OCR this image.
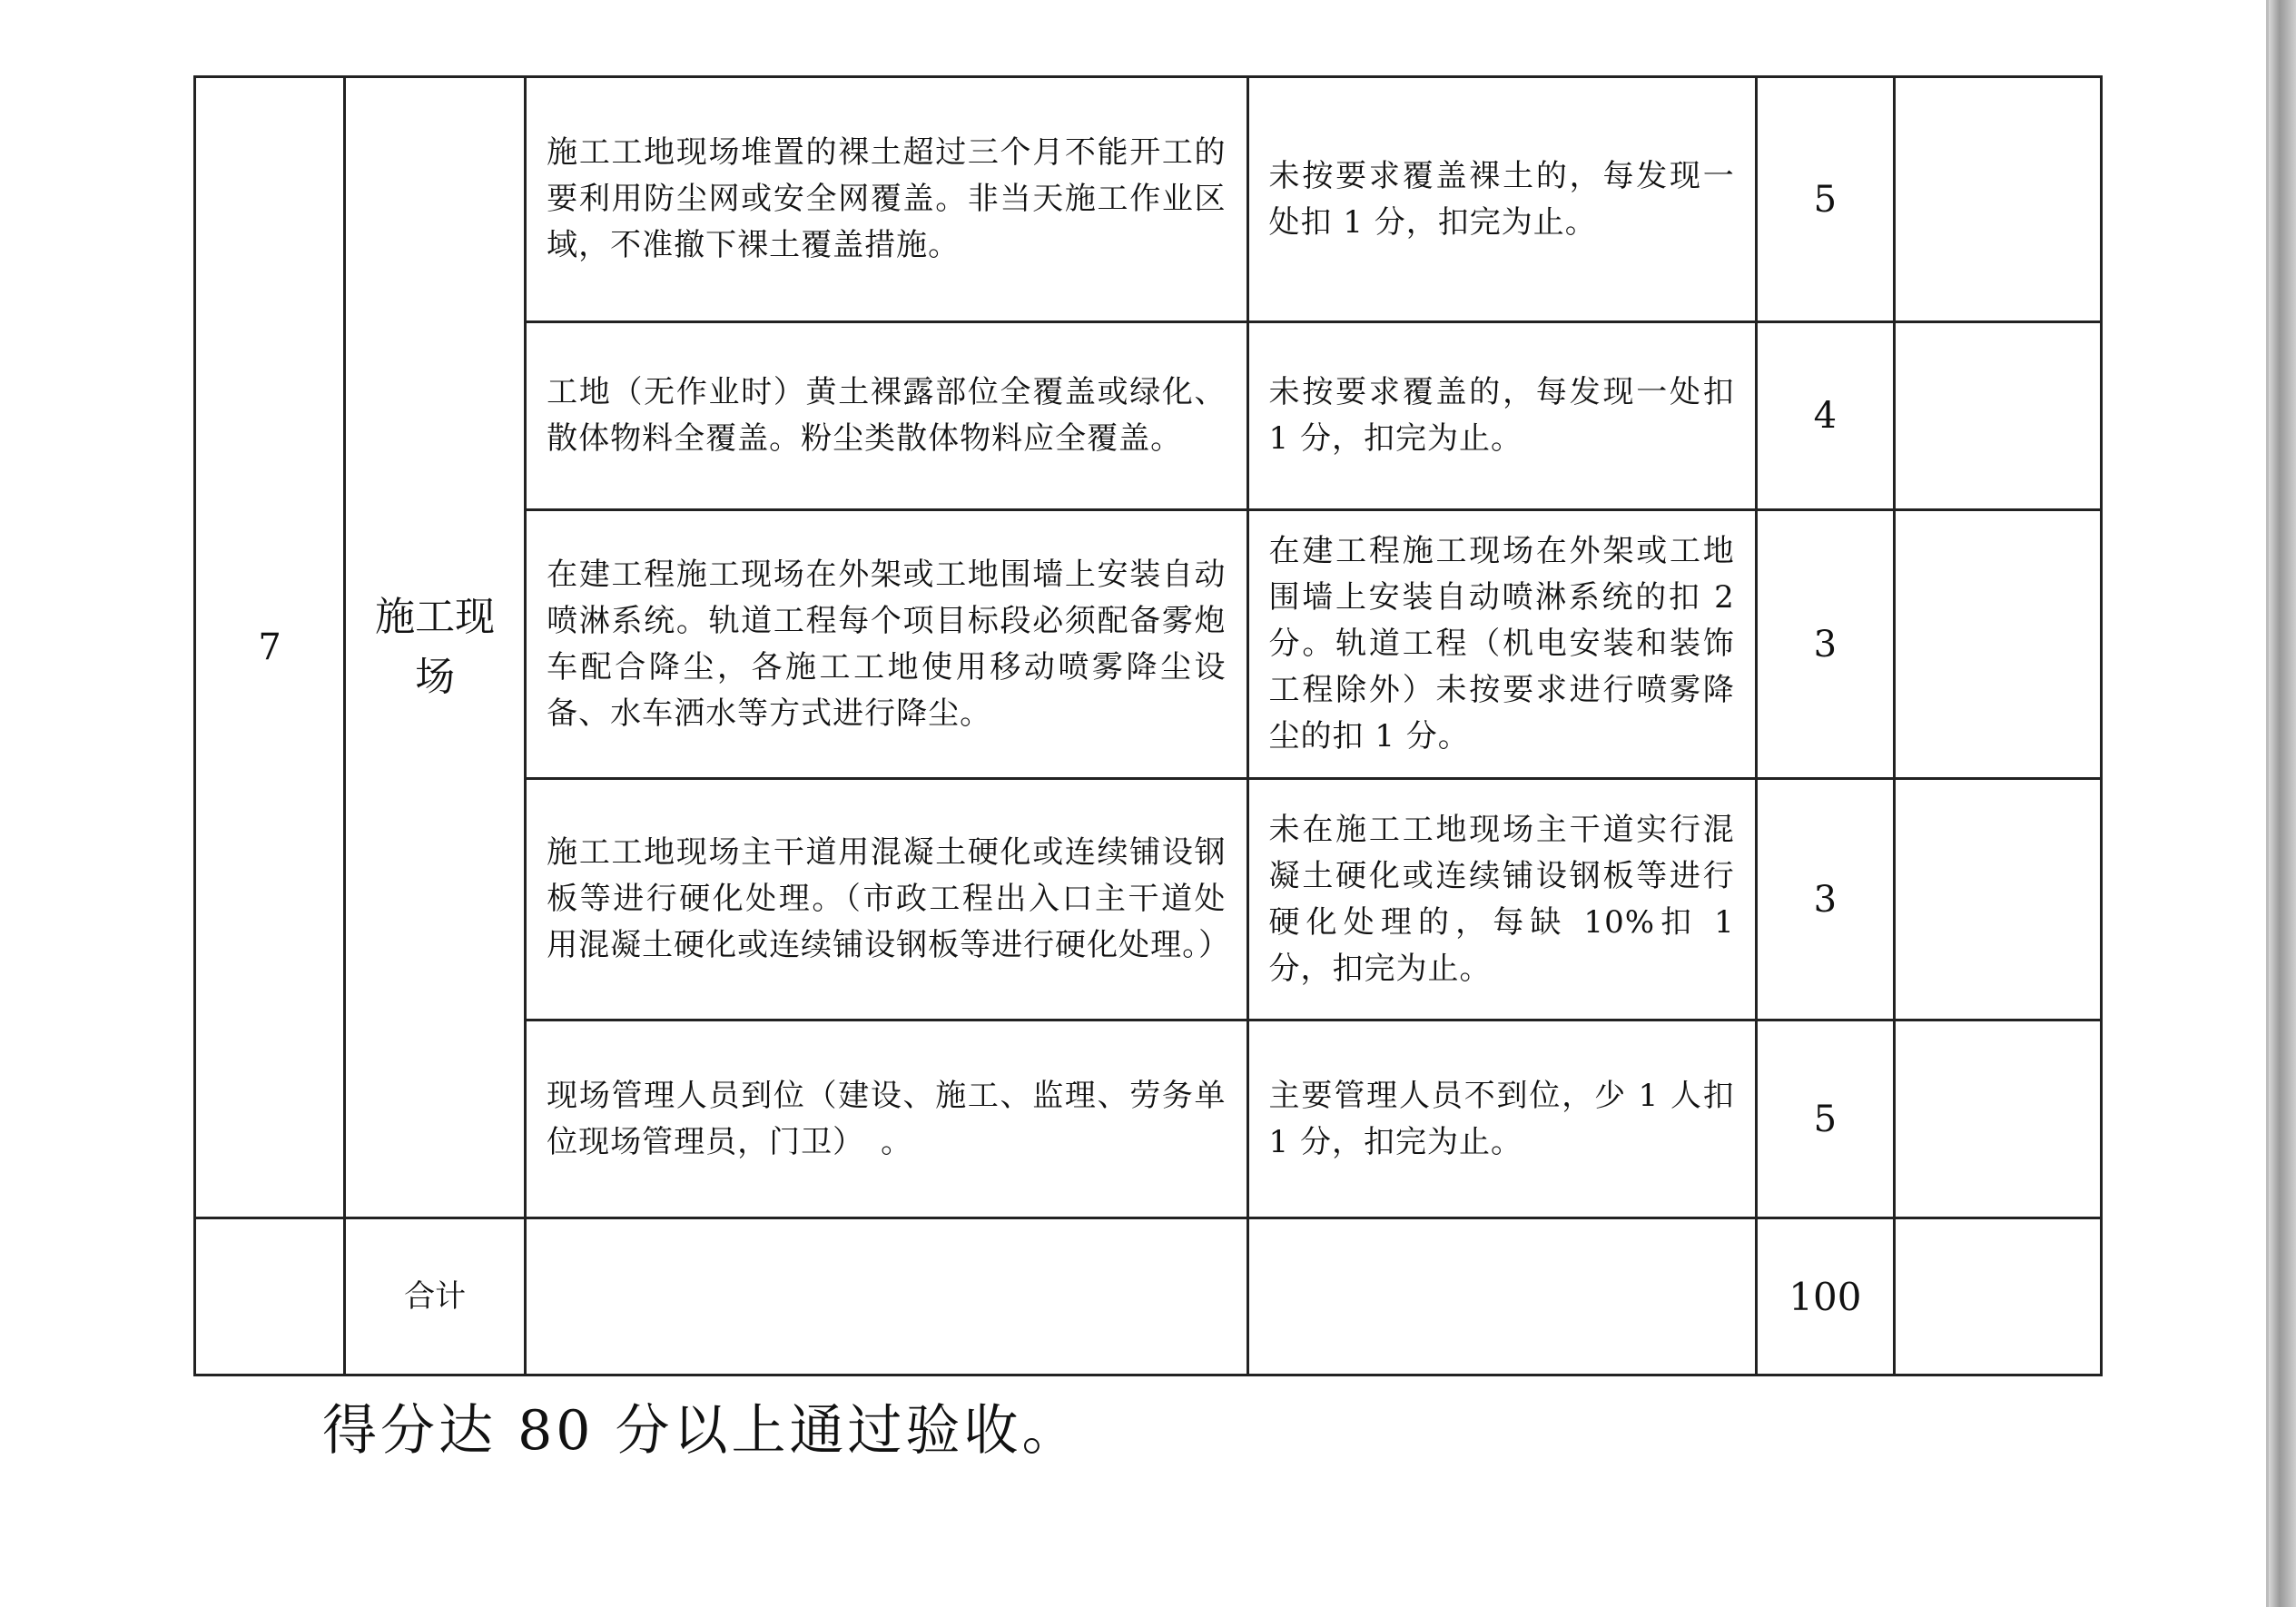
7	施工现场	施工工地现场堆置的裸土超过三个月不能开工的要利用防尘网或安全网覆盖。非当天施工作业区域，不准撤下裸土覆盖措施。	未按要求覆盖裸土的，每发现一处扣 1 分，扣完为止。	5	

		工地（无作业时）黄土裸露部位全覆盖或绿化、散体物料全覆盖。粉尘类散体物料应全覆盖。	未按要求覆盖的，每发现一处扣 1 分，扣完为止。	4	

		在建工程施工现场在外架或工地围墙上安装自动喷淋系统。轨道工程每个项目标段必须配备雾炮车配合降尘，各施工工地使用移动喷雾降尘设备、水车洒水等方式进行降尘。	在建工程施工现场在外架或工地围墙上安装自动喷淋系统的扣 2 分。轨道工程（机电安装和装饰工程除外）未按要求进行喷雾降尘的扣 1 分。	3	

		施工工地现场主干道用混凝土硬化或连续铺设钢板等进行硬化处理。（市政工程出入口主干道处用混凝土硬化或连续铺设钢板等进行硬化处理。）	未在施工工地现场主干道实行混凝土硬化或连续铺设钢板等进行硬化处理的，每缺 10%扣 1 分，扣完为止。	3	

		现场管理人员到位（建设、施工、监理、劳务单位现场管理员，门卫）　。	主要管理人员不到位，少 1 人扣 1 分，扣完为止。	5	

	合计			100	

得分达 80 分以上通过验收。
